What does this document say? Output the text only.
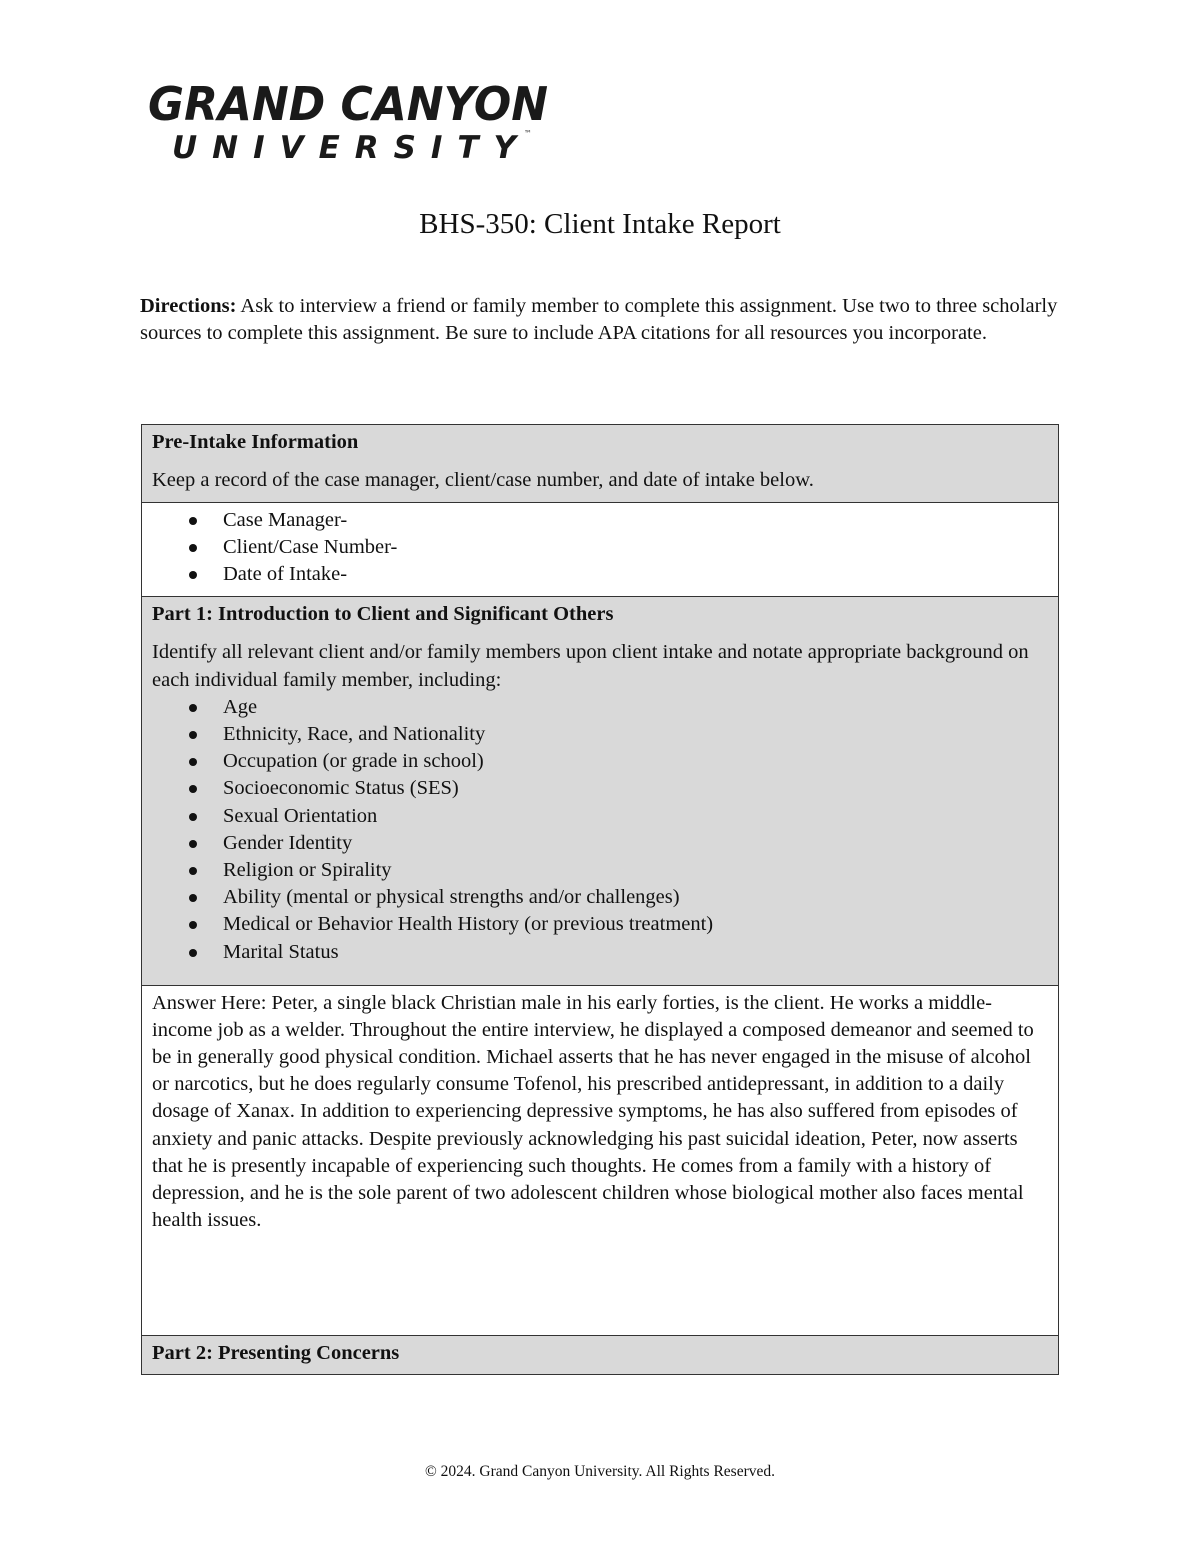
GRAND CANYON
UNIVERSITY	™
BHS-350: Client Intake Report
Directions: Ask to interview a friend or family member to complete this assignment. Use two to three scholarly sources to complete this assignment. Be sure to include APA citations for all resources you incorporate.

Pre-Intake Information

Keep a record of the case manager, client/case number, and date of intake below.

Case Manager-
Client/Case Number-
Date of Intake-

Part 1: Introduction to Client and Significant Others

Identify all relevant client and/or family members upon client intake and notate appropriate background on each individual family member, including:

Age
Ethnicity, Race, and Nationality
Occupation (or grade in school)
Socioeconomic Status (SES)
Sexual Orientation
Gender Identity
Religion or Spirality
Ability (mental or physical strengths and/or challenges)
Medical or Behavior Health History (or previous treatment)
Marital Status

Answer Here: Peter, a single black Christian male in his early forties, is the client. He works a middle-income job as a welder. Throughout the entire interview, he displayed a composed demeanor and seemed to be in generally good physical condition. Michael asserts that he has never engaged in the misuse of alcohol or narcotics, but he does regularly consume Tofenol, his prescribed antidepressant, in addition to a daily dosage of Xanax. In addition to experiencing depressive symptoms, he has also suffered from episodes of anxiety and panic attacks. Despite previously acknowledging his past suicidal ideation, Peter, now asserts that he is presently incapable of experiencing such thoughts. He comes from a family with a history of depression, and he is the sole parent of two adolescent children whose biological mother also faces mental health issues.

Part 2: Presenting Concerns

© 2024. Grand Canyon University. All Rights Reserved.
